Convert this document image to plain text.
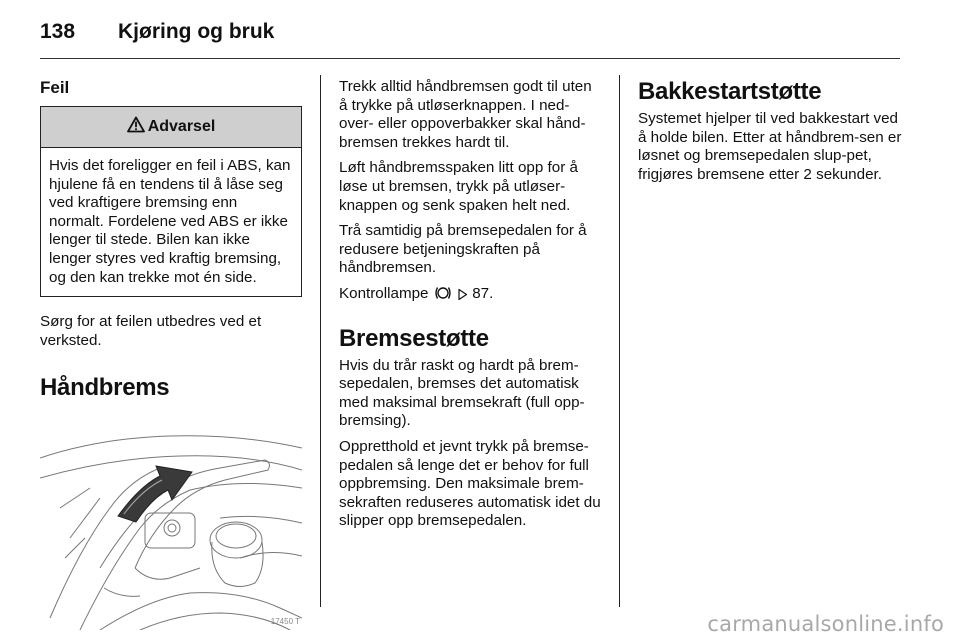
138 Kjøring og bruk
Feil
Advarsel

Hvis det foreligger en feil i ABS, kan hjulene få en tendens til å låse seg ved kraftigere bremsing enn normalt. Fordelene ved ABS er ikke lenger til stede. Bilen kan ikke lenger styres ved kraftig bremsing, og den kan trekke mot én side.

Sørg for at feilen utbedres ved et verksted.

Håndbrems
17450 T

Trekk alltid håndbremsen godt til uten å trykke på utløserknappen. I ned-over- eller oppoverbakker skal hånd-bremsen trekkes hardt til.

Løft håndbremsspaken litt opp for å løse ut bremsen, trykk på utløser-knappen og senk spaken helt ned.

Trå samtidig på bremsepedalen for å redusere betjeningskraften på håndbremsen.

Kontrollampe	87.

Bremsestøtte

Hvis du trår raskt og hardt på brem-sepedalen, bremses det automatisk med maksimal bremsekraft (full opp-bremsing).

Oppretthold et jevnt trykk på bremse-pedalen så lenge det er behov for full oppbremsing. Den maksimale brem-sekraften reduseres automatisk idet du slipper opp bremsepedalen.

Bakkestartstøtte

Systemet hjelper til ved bakkestart ved å holde bilen. Etter at håndbrem-sen er løsnet og bremsepedalen slup-pet, frigjøres bremsene etter 2 sekunder.

carmanualsonline.info
